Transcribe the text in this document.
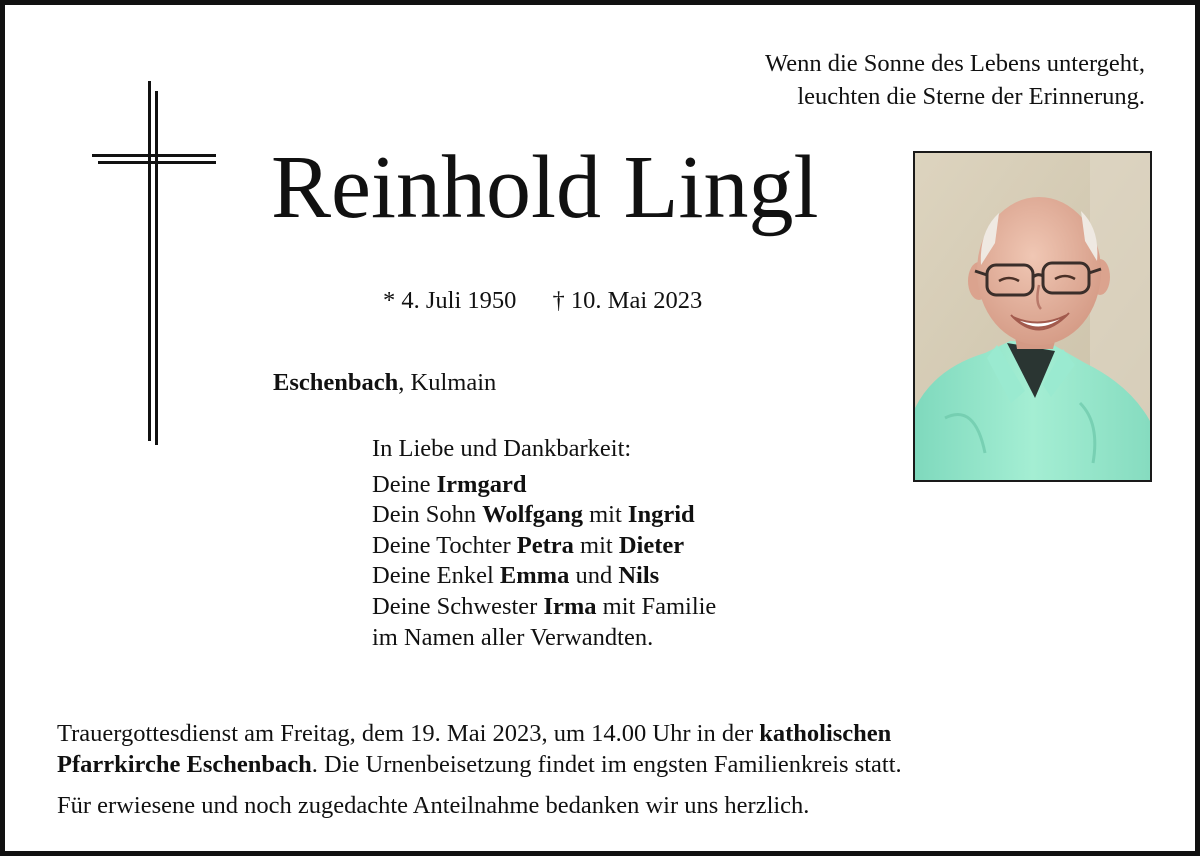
Wenn die Sonne des Lebens untergeht,
leuchten die Sterne der Erinnerung.
Reinhold Lingl
* 4. Juli 1950 † 10. Mai 2023
Eschenbach, Kulmain
In Liebe und Dankbarkeit:
Deine Irmgard
Dein Sohn Wolfgang mit Ingrid
Deine Tochter Petra mit Dieter
Deine Enkel Emma und Nils
Deine Schwester Irma mit Familie
im Namen aller Verwandten.
Trauergottesdienst am Freitag, dem 19. Mai 2023, um 14.00 Uhr in der katholischen
Pfarrkirche Eschenbach. Die Urnenbeisetzung findet im engsten Familienkreis statt.
Für erwiesene und noch zugedachte Anteilnahme bedanken wir uns herzlich.
